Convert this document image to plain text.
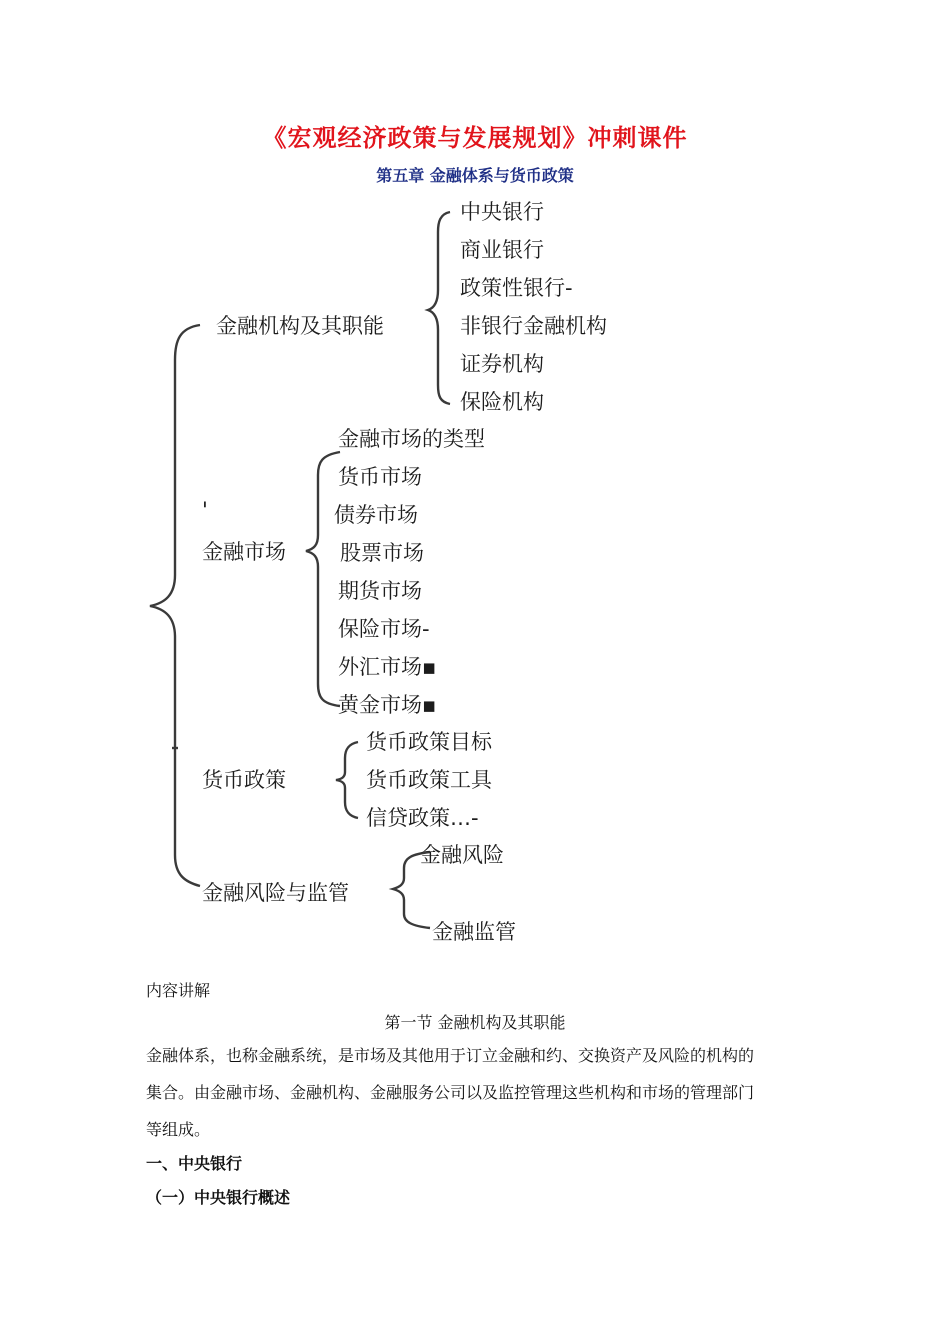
《宏观经济政策与发展规划》冲刺课件
第五章 金融体系与货币政策
金融机构及其职能
'
金融市场
货币政策
金融风险与监管
中央银行
商业银行
政策性银行-
非银行金融机构
证券机构
保险机构
金融市场的类型
货币市场
债券市场
股票市场
期货市场
保险市场-
外汇市场▪
黄金市场▪
货币政策目标
货币政策工具
信贷政策…-
金融风险
金融监管
内容讲解
第一节 金融机构及其职能
金融体系，也称金融系统，是市场及其他用于订立金融和约、交换资产及风险的机构的
集合。由金融市场、金融机构、金融服务公司以及监控管理这些机构和市场的管理部门
等组成。
一、中央银行
（一）中央银行概述
